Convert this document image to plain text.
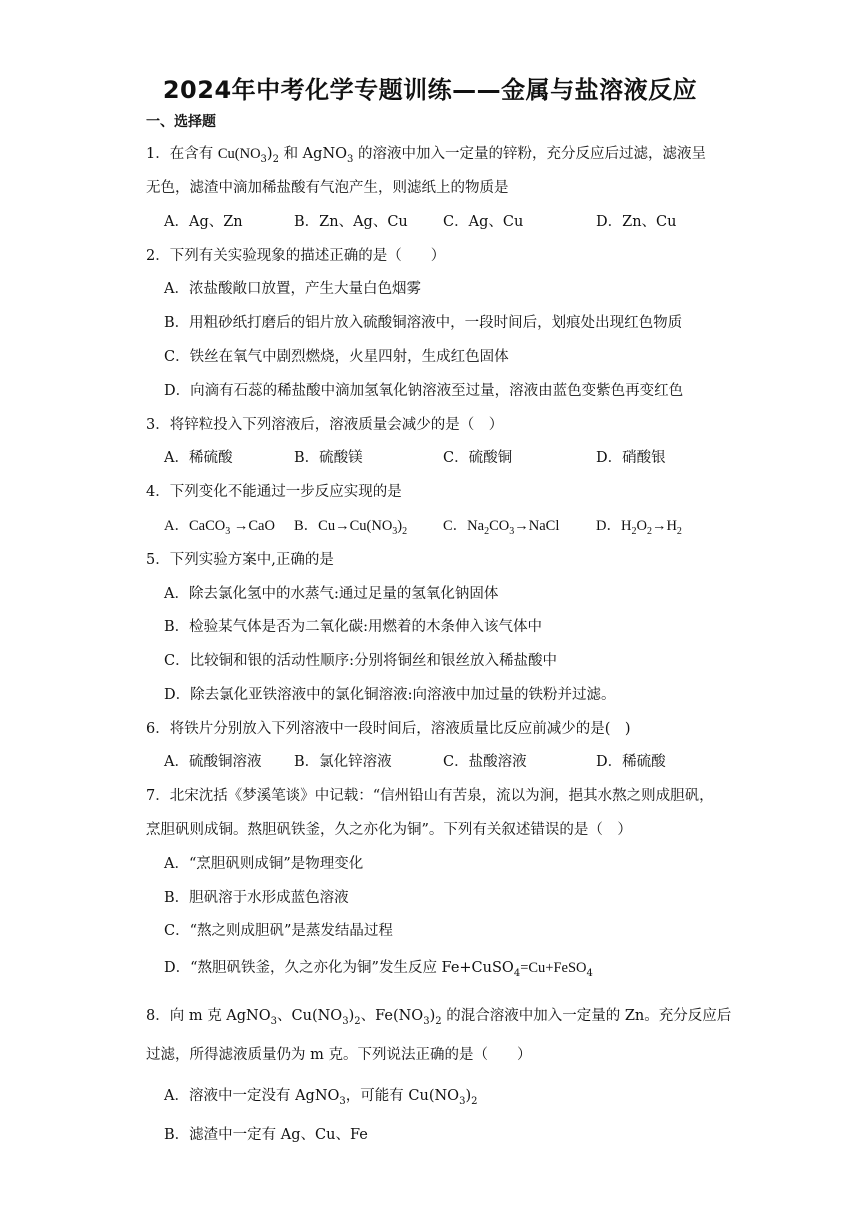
2024年中考化学专题训练——金属与盐溶液反应
一、选择题
1．在含有 $Cu(NO_3)_2$ 和 AgNO$_3$ 的溶液中加入一定量的锌粉，充分反应后过滤，滤液呈
无色，滤渣中滴加稀盐酸有气泡产生，则滤纸上的物质是
A．Ag、Zn	B．Zn、Ag、Cu C．Ag、Cu	D．Zn、Cu
2．下列有关实验现象的描述正确的是（　　）
A．浓盐酸敞口放置，产生大量白色烟雾
B．用粗砂纸打磨后的铝片放入硫酸铜溶液中，一段时间后，划痕处出现红色物质
C．铁丝在氧气中剧烈燃烧，火星四射，生成红色固体
D．向滴有石蕊的稀盐酸中滴加氢氧化钠溶液至过量，溶液由蓝色变紫色再变红色
3．将锌粒投入下列溶液后，溶液质量会减少的是（　）
A．稀硫酸	B．硫酸镁	C．硫酸铜	D．硝酸银
4．下列变化不能通过一步反应实现的是
A．CaCO$_3$ →CaO B．$Cu\to Cu(NO_3)_2$ C．$Na_2CO_3\to NaCl$	D．$H_2O_2\to H_2$
5．下列实验方案中,正确的是
A．除去氯化氢中的水蒸气:通过足量的氢氧化钠固体
B．检验某气体是否为二氧化碳:用燃着的木条伸入该气体中
C．比较铜和银的活动性顺序:分别将铜丝和银丝放入稀盐酸中
D．除去氯化亚铁溶液中的氯化铜溶液:向溶液中加过量的铁粉并过滤。
6．将铁片分别放入下列溶液中一段时间后，溶液质量比反应前减少的是(　)
A．硫酸铜溶液 B．氯化锌溶液	C．盐酸溶液	D．稀硫酸
7．北宋沈括《梦溪笔谈》中记载：“信州铅山有苦泉，流以为涧，挹其水熬之则成胆矾，
烹胆矾则成铜。熬胆矾铁釜，久之亦化为铜”。下列有关叙述错误的是（　）
A．“烹胆矾则成铜”是物理变化
B．胆矾溶于水形成蓝色溶液
C．“熬之则成胆矾”是蒸发结晶过程
D．“熬胆矾铁釜，久之亦化为铜”发生反应 Fe+CuSO$_4$=Cu+FeSO$_4$
8．向 m 克 AgNO$_3$、$Cu(NO_3)_2$、$Fe(NO_3)_2$ 的混合溶液中加入一定量的 Zn。充分反应后
过滤，所得滤液质量仍为 m 克。下列说法正确的是（　　）
A．溶液中一定没有 AgNO$_3$，可能有 $Cu(NO_3)_2$
B．滤渣中一定有 Ag、Cu、Fe
